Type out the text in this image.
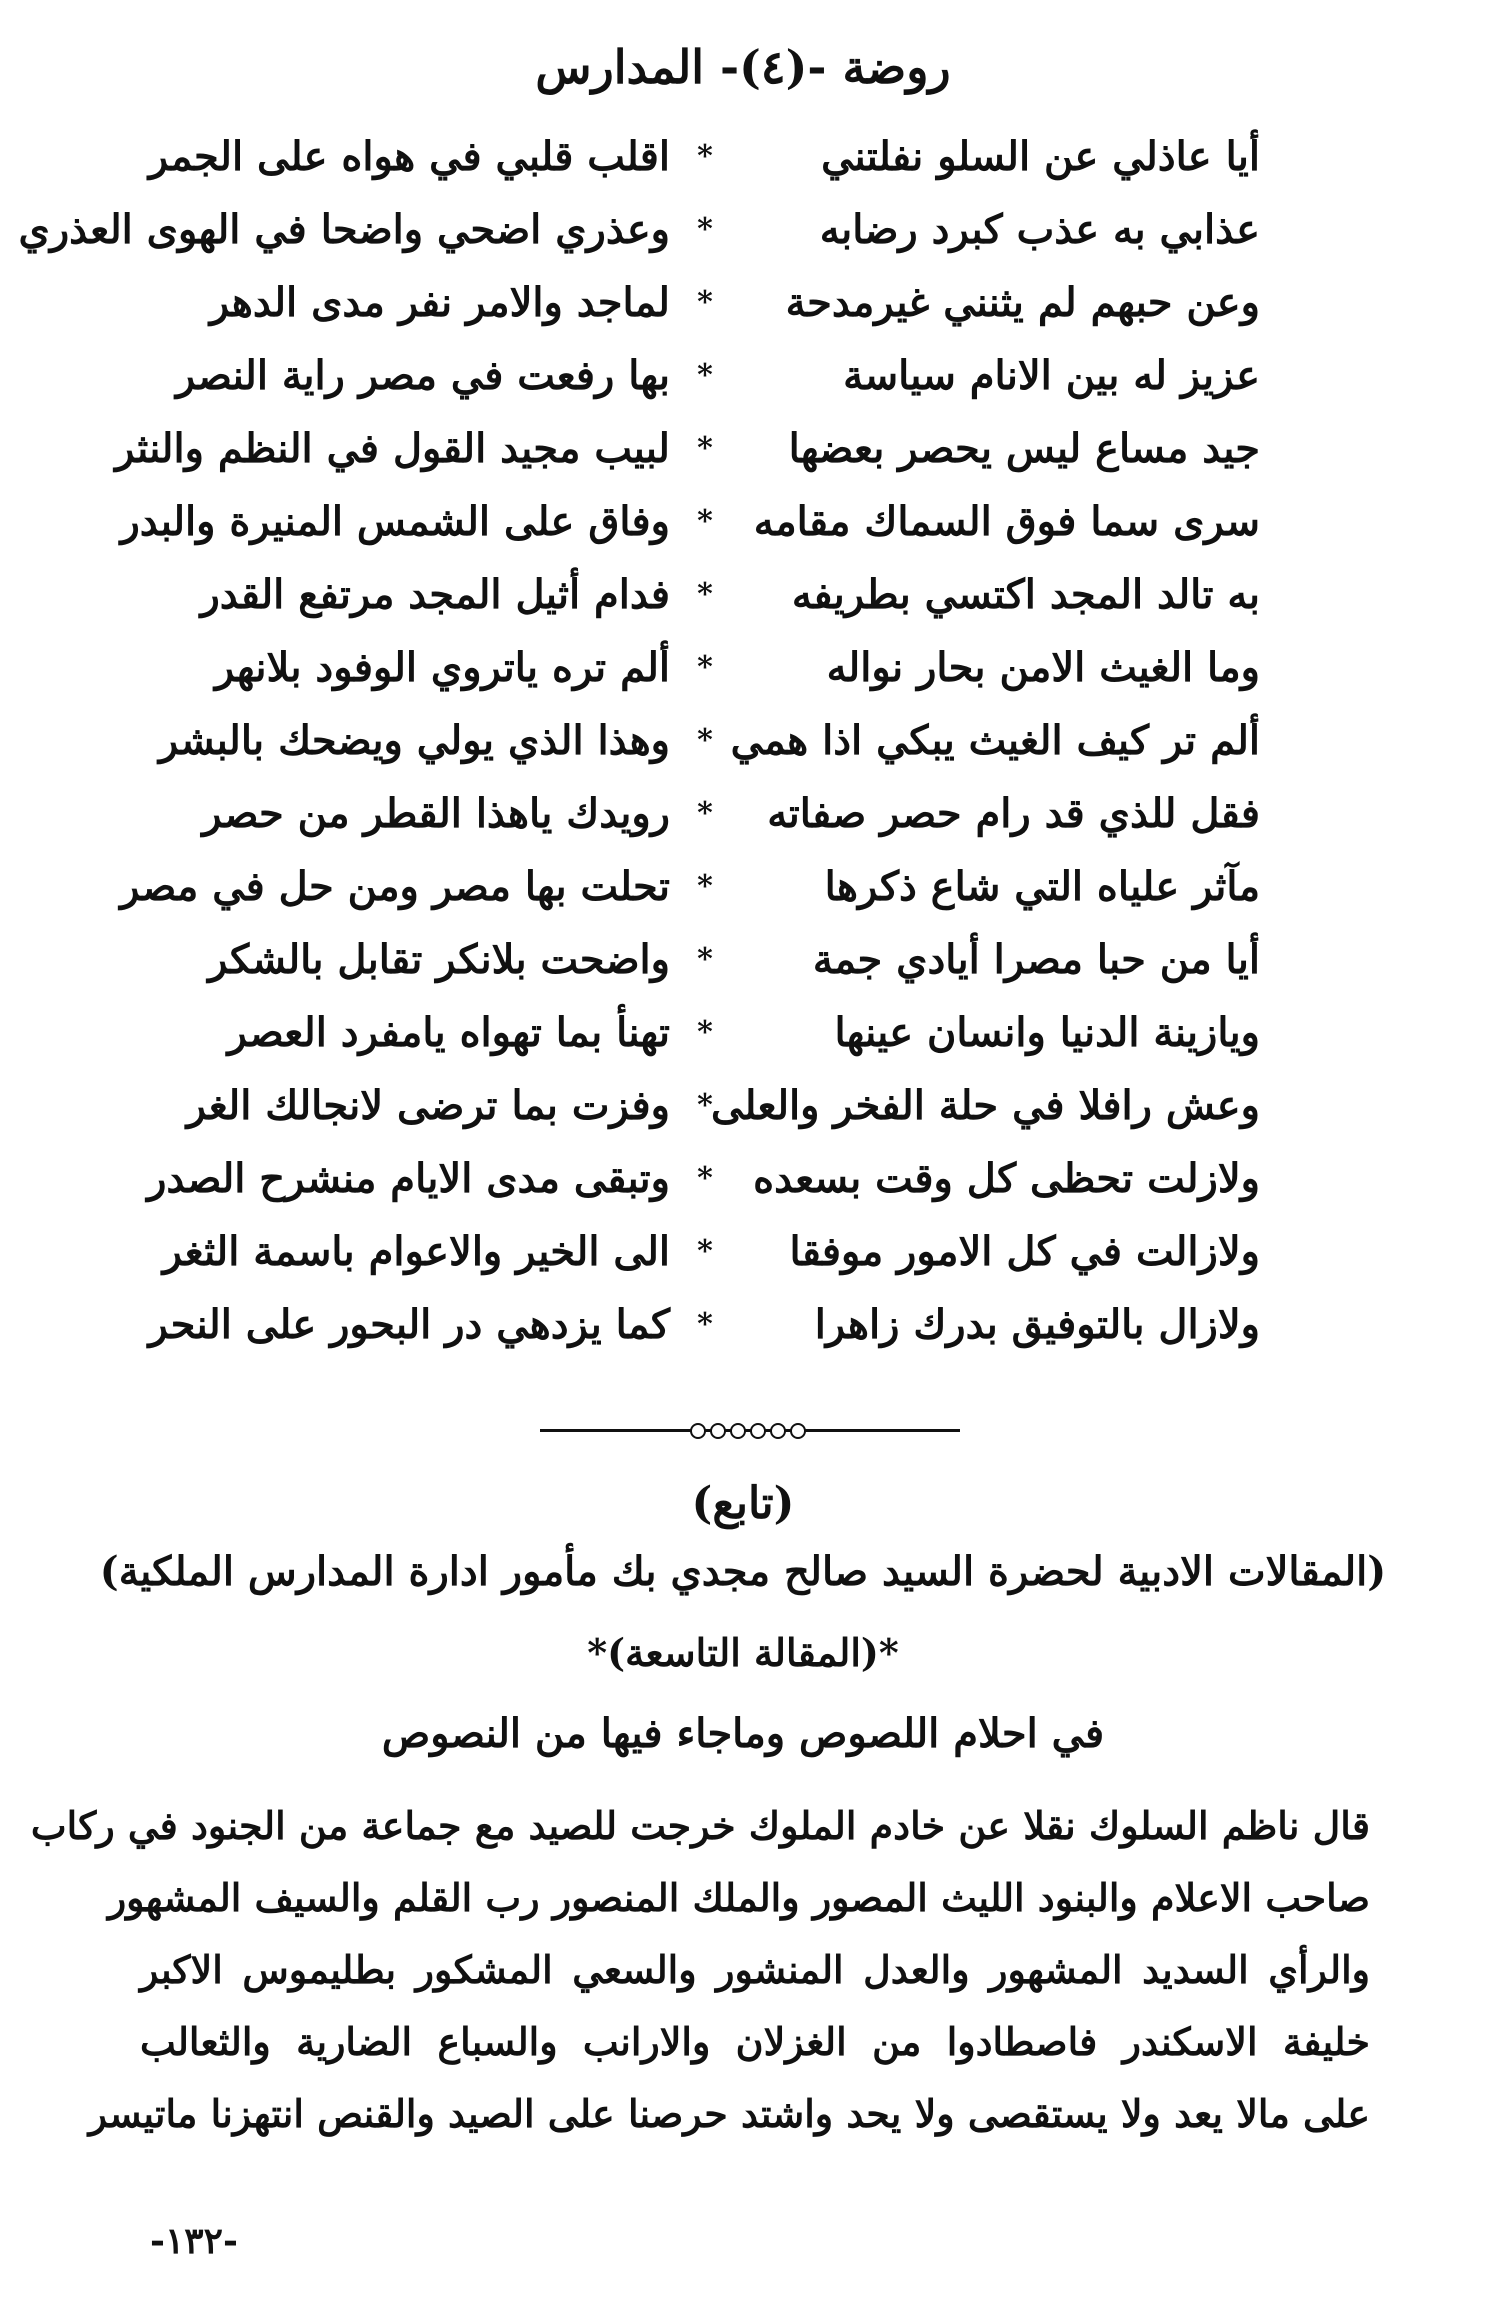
روضة -(٤)- المدارس
أيا عاذلي عن السلو نفلتني
*
اقلب قلبي في هواه على الجمر
عذابي به عذب كبرد رضابه
*
وعذري اضحي واضحا في الهوى العذري
وعن حبهم لم يثنني غيرمدحة
*
لماجد والامر نفر مدى الدهر
عزيز له بين الانام سياسة
*
بها رفعت في مصر راية النصر
جيد مساع ليس يحصر بعضها
*
لبيب مجيد القول في النظم والنثر
سرى سما فوق السماك مقامه
*
وفاق على الشمس المنيرة والبدر
به تالد المجد اكتسي بطريفه
*
فدام أثيل المجد مرتفع القدر
وما الغيث الامن بحار نواله
*
ألم تره ياتروي الوفود بلانهر
ألم تر كيف الغيث يبكي اذا همي
*
وهذا الذي يولي ويضحك بالبشر
فقل للذي قد رام حصر صفاته
*
رويدك ياهذا القطر من حصر
مآثر علياه التي شاع ذكرها
*
تحلت بها مصر ومن حل في مصر
أيا من حبا مصرا أيادي جمة
*
واضحت بلانكر تقابل بالشكر
ويازينة الدنيا وانسان عينها
*
تهنأ بما تهواه يامفرد العصر
وعش رافلا في حلة الفخر والعلى
*
وفزت بما ترضى لانجالك الغر
ولازلت تحظى كل وقت بسعده
*
وتبقى مدى الايام منشرح الصدر
ولازالت في كل الامور موفقا
*
الى الخير والاعوام باسمة الثغر
ولازال بالتوفيق بدرك زاهرا
*
كما يزدهي در البحور على النحر
(تابع)
(المقالات الادبية لحضرة السيد صالح مجدي بك مأمور ادارة المدارس الملكية)
*(المقالة التاسعة)*
في احلام اللصوص وماجاء فيها من النصوص
قال ناظم السلوك نقلا عن خادم الملوك خرجت للصيد مع جماعة من الجنود في ركاب
صاحب الاعلام والبنود الليث المصور والملك المنصور رب القلم والسيف المشهور
والرأي السديد المشهور والعدل المنشور والسعي المشكور بطليموس الاكبر
خليفة الاسكندر فاصطادوا من الغزلان والارانب والسباع الضارية والثعالب
على مالا يعد ولا يستقصى ولا يحد واشتد حرصنا على الصيد والقنص انتهزنا ماتيسر
-١٣٢-
